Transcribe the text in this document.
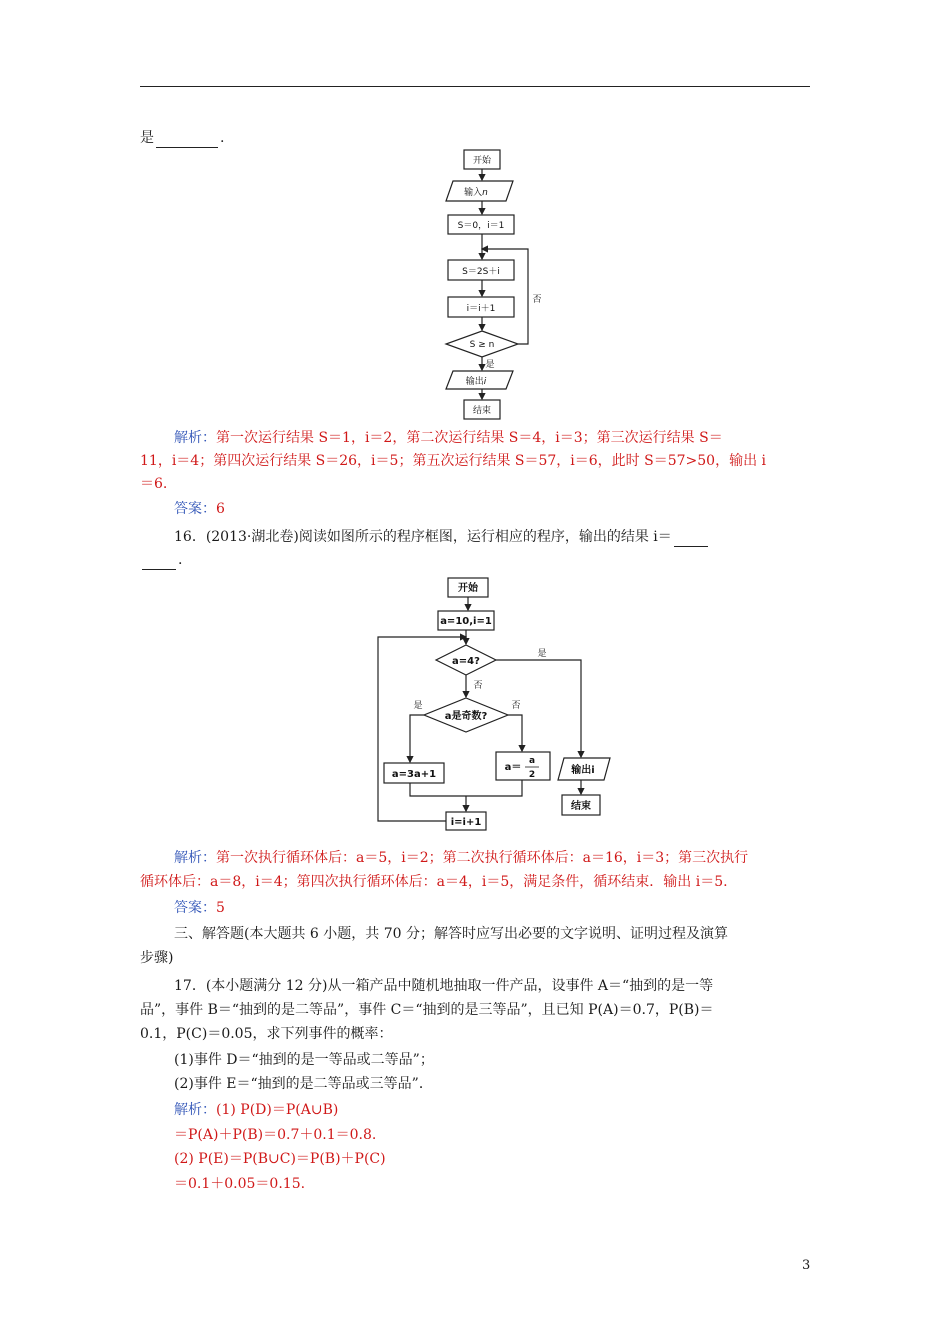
是	.
开始
输入n
S＝0，i＝1
S＝2S＋i
i＝i＋1
S ≥ n
输出i
结束
是
否
解析：第一次运行结果 S＝1，i＝2，第二次运行结果 S＝4，i＝3；第三次运行结果 S＝
11，i＝4；第四次运行结果 S＝26，i＝5；第五次运行结果 S＝57，i＝6，此时 S＝57>50，输出 i
＝6.
答案：6
16．(2013·湖北卷)阅读如图所示的程序框图，运行相应的程序，输出的结果 i＝
.
开始
a=10,i=1
a=4?
a是奇数?
a=3a+1
a＝
a
2	输出i
结束
i=i+1
是
否
是	否
解析：第一次执行循环体后：a＝5，i＝2；第二次执行循环体后：a＝16，i＝3；第三次执行
循环体后：a＝8，i＝4；第四次执行循环体后：a＝4，i＝5，满足条件，循环结束．输出 i＝5.
答案：5
三、解答题(本大题共 6 小题，共 70 分；解答时应写出必要的文字说明、证明过程及演算
步骤)
17．(本小题满分 12 分)从一箱产品中随机地抽取一件产品，设事件 A＝“抽到的是一等
品”，事件 B＝“抽到的是二等品”，事件 C＝“抽到的是三等品”，且已知 P(A)＝0.7，P(B)＝
0.1，P(C)＝0.05，求下列事件的概率：
(1)事件 D＝“抽到的是一等品或二等品”；
(2)事件 E＝“抽到的是二等品或三等品”．
解析：(1) P(D)＝P(A∪B)
＝P(A)＋P(B)＝0.7＋0.1＝0.8.
(2) P(E)＝P(B∪C)＝P(B)＋P(C)
＝0.1＋0.05＝0.15.
3
